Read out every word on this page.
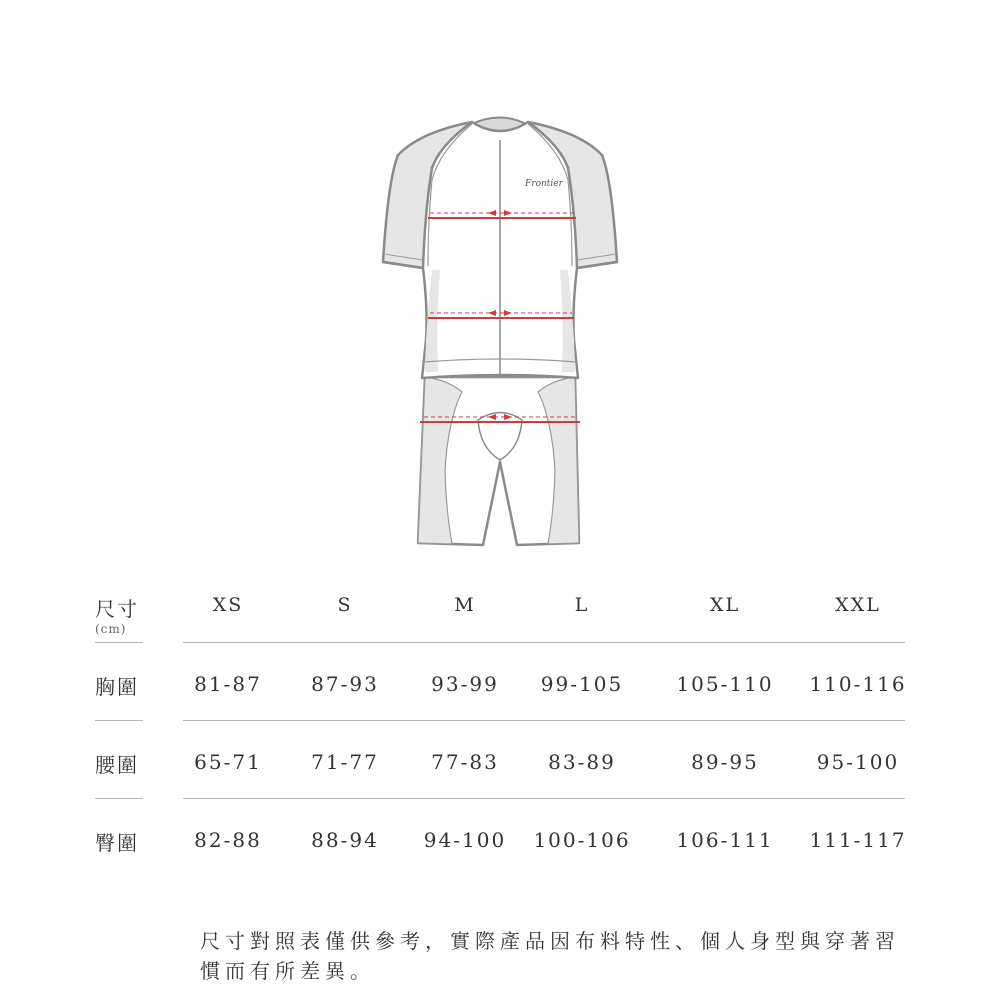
Frontier
尺寸
(cm)
XS	S	M	L	XL	XXL
胸圍	81-87	87-93	93-99	99-105	105-110	110-116
腰圍	65-71	71-77	77-83	83-89	89-95	95-100
臀圍	82-88	88-94	94-100	100-106	106-111	111-117

尺寸對照表僅供參考，實際產品因布料特性、個人身型與穿著習慣而有所差異。
